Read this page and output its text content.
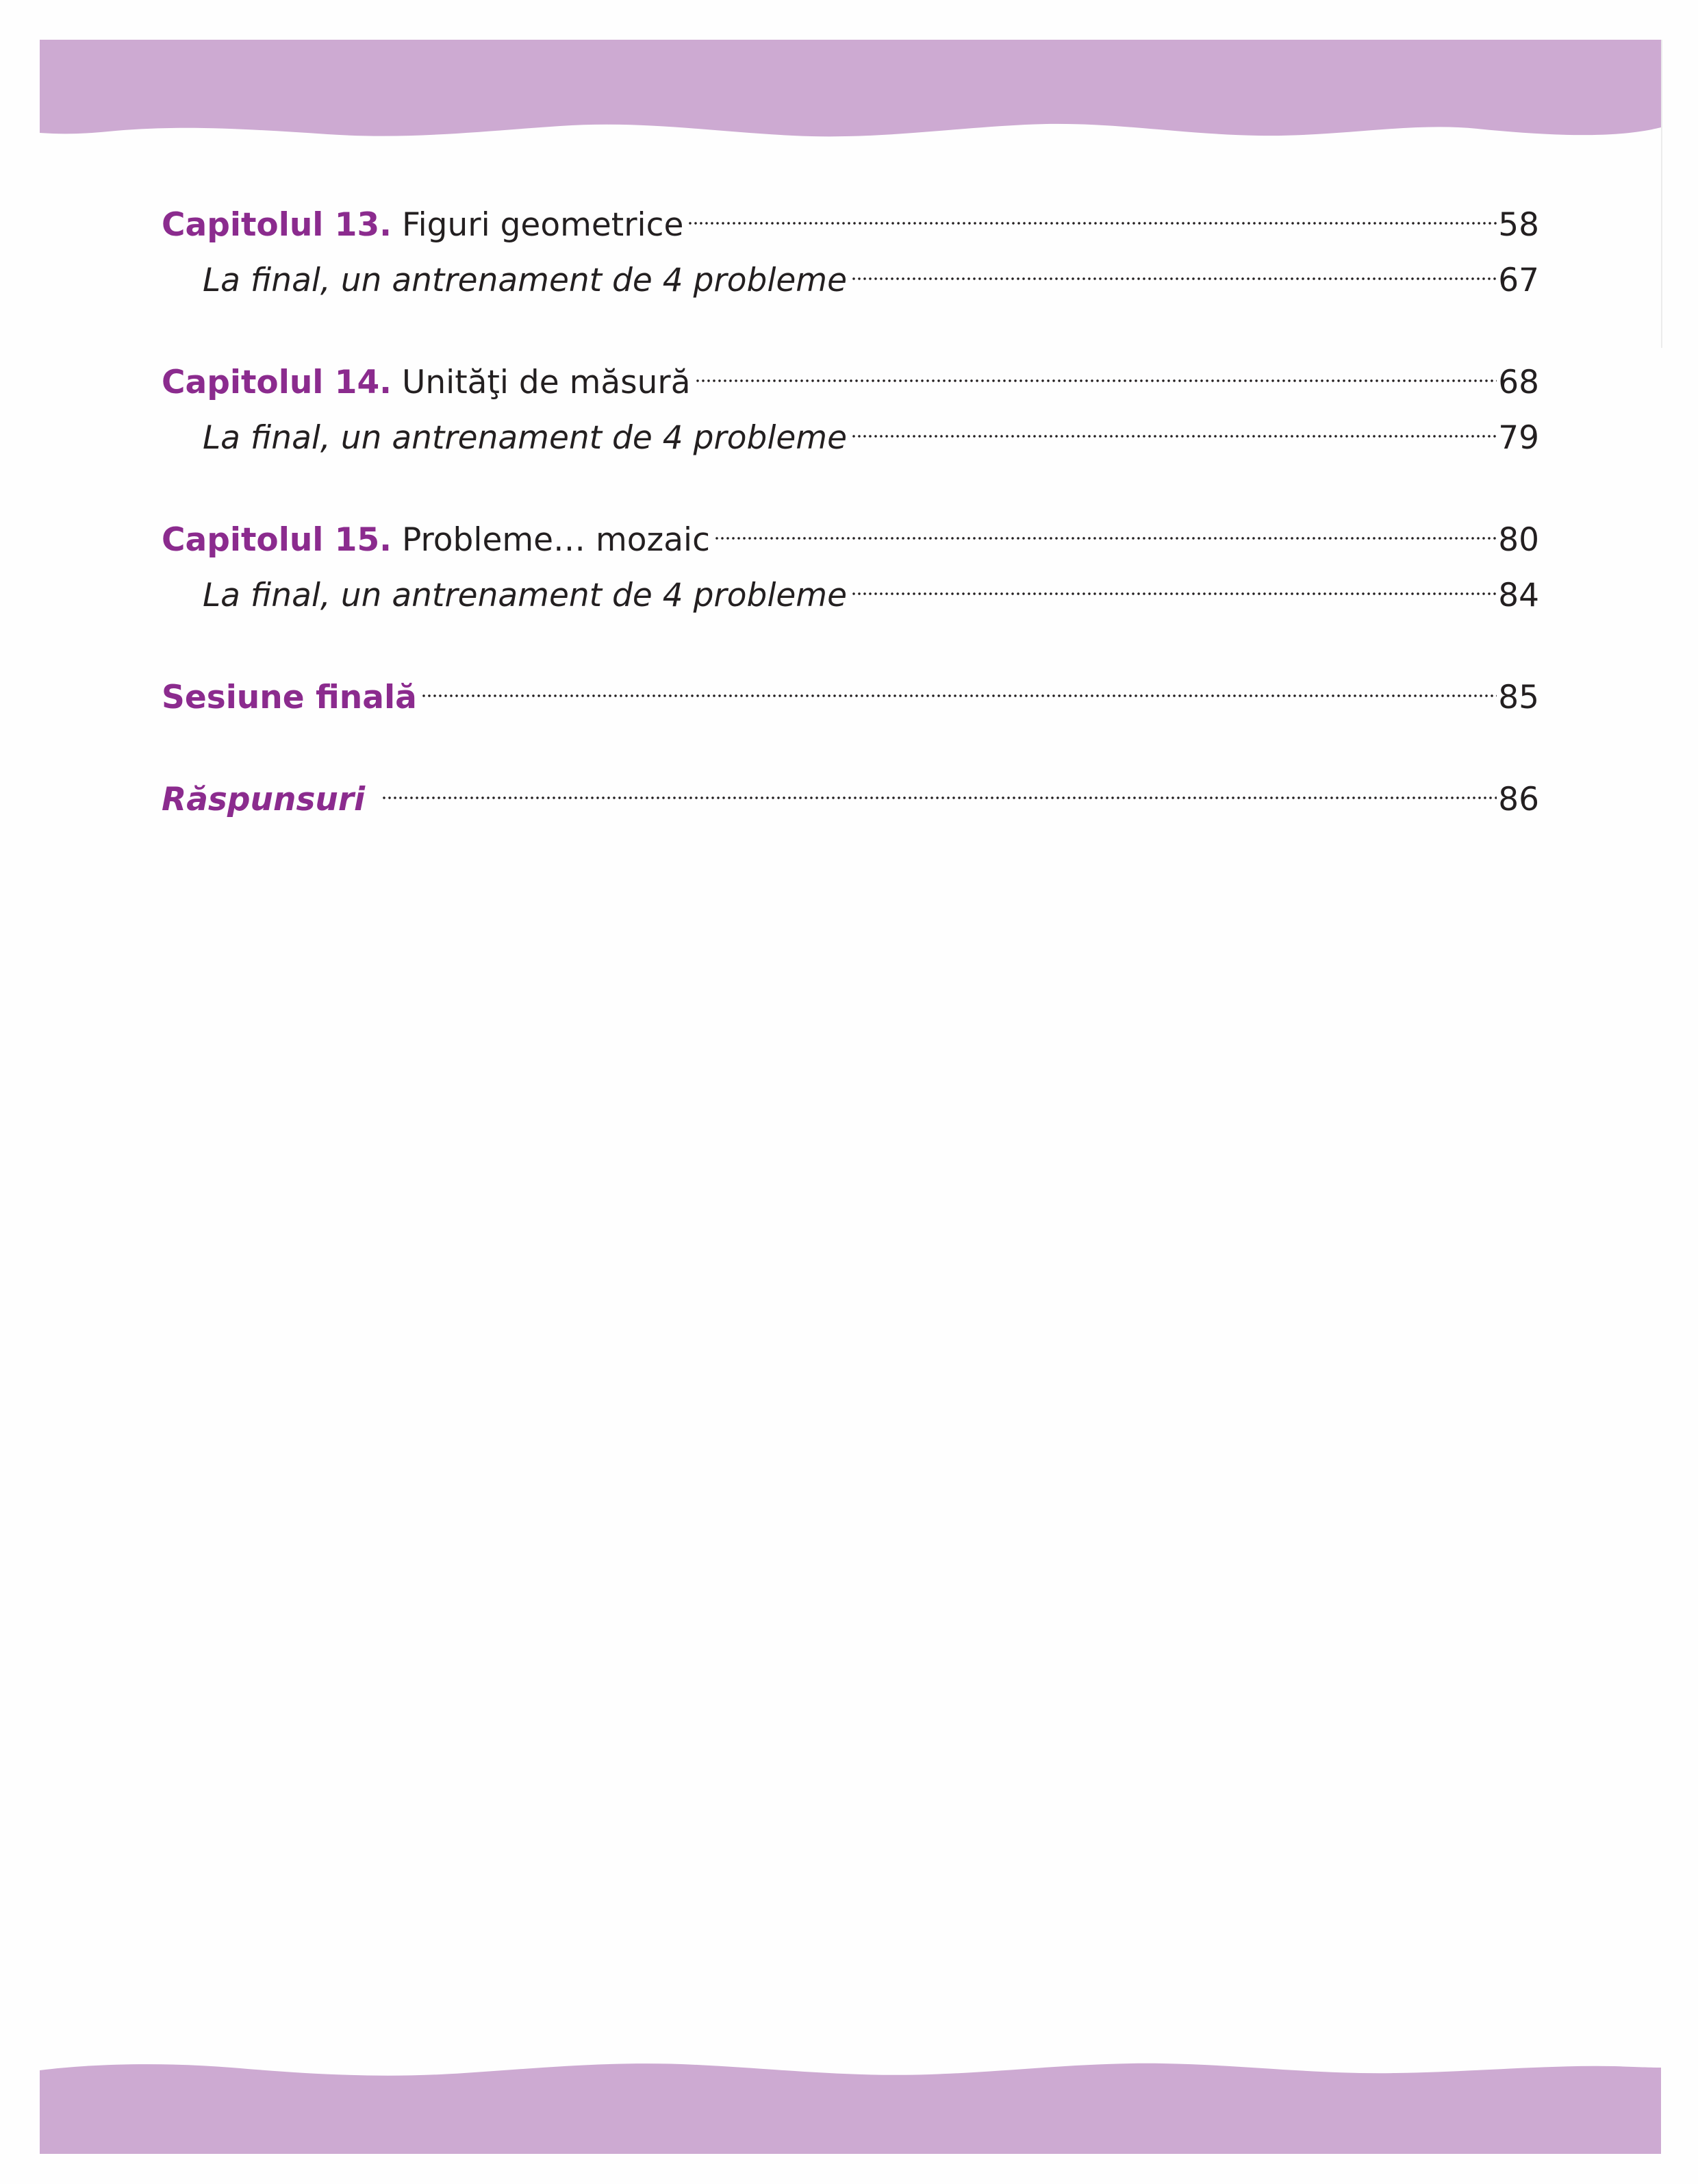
Capitolul 13. Figuri geometrice	58
La final, un antrenament de 4 probleme	67
Capitolul 14. Unităţi de măsură	68
La final, un antrenament de 4 probleme	79
Capitolul 15. Probleme… mozaic	80
La final, un antrenament de 4 probleme	84
Sesiune finală	85
Răspunsuri	86
